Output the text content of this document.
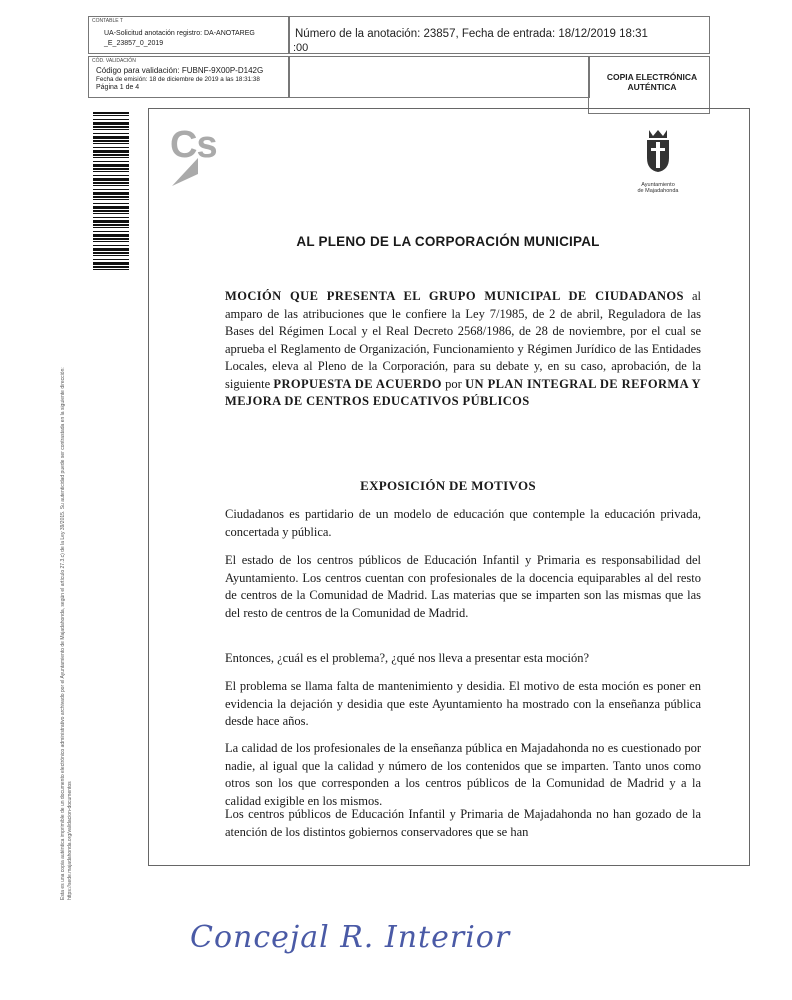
CONTABLE T
UA-Solicitud anotación registro: DA-ANOTAREG
_E_23857_0_2019
Número de la anotación: 23857, Fecha de entrada: 18/12/2019 18:31
:00
CÓD. VALIDACIÓN
Código para validación: FUBNF-9X00P-D142G
Fecha de emisión: 18 de diciembre de 2019 a las 18:31:38
Página 1 de 4
COPIA ELECTRÓNICA
AUTÉNTICA
Esta es una copia auténtica imprimible de un documento electrónico administrativo archivado por el Ayuntamiento de Majadahonda, según el artículo 27.3.c) de la Ley 39/2015. Su autenticidad puede ser contrastada en la siguiente dirección: https://sede.majadahonda.org/validacion-documentos
Cs
Ayuntamiento
de Majadahonda
AL PLENO DE LA CORPORACIÓN MUNICIPAL
MOCIÓN QUE PRESENTA EL GRUPO MUNICIPAL DE CIUDADANOS al amparo de las atribuciones que le confiere la Ley 7/1985, de 2 de abril, Reguladora de las Bases del Régimen Local y el Real Decreto 2568/1986, de 28 de noviembre, por el cual se aprueba el Reglamento de Organización, Funcionamiento y Régimen Jurídico de las Entidades Locales, eleva al Pleno de la Corporación, para su debate y, en su caso, aprobación, de la siguiente PROPUESTA DE ACUERDO por UN PLAN INTEGRAL DE REFORMA Y MEJORA DE CENTROS EDUCATIVOS PÚBLICOS
EXPOSICIÓN DE MOTIVOS
Ciudadanos es partidario de un modelo de educación que contemple la educación privada, concertada y pública.
El estado de los centros públicos de Educación Infantil y Primaria es responsabilidad del Ayuntamiento. Los centros cuentan con profesionales de la docencia equiparables al del resto de centros de la Comunidad de Madrid. Las materias que se imparten son las mismas que las del resto de centros de la Comunidad de Madrid.
Entonces, ¿cuál es el problema?, ¿qué nos lleva a presentar esta moción?
El problema se llama falta de mantenimiento y desidia. El motivo de esta moción es poner en evidencia la dejación y desidia que este Ayuntamiento ha mostrado con la enseñanza pública desde hace años.
La calidad de los profesionales de la enseñanza pública en Majadahonda no es cuestionado por nadie, al igual que la calidad y número de los contenidos que se imparten. Tanto unos como otros son los que corresponden a los centros públicos de la Comunidad de Madrid y a la calidad exigible en los mismos.
Los centros públicos de Educación Infantil y Primaria de Majadahonda no han gozado de la atención de los distintos gobiernos conservadores que se han
Concejal R. Interior
